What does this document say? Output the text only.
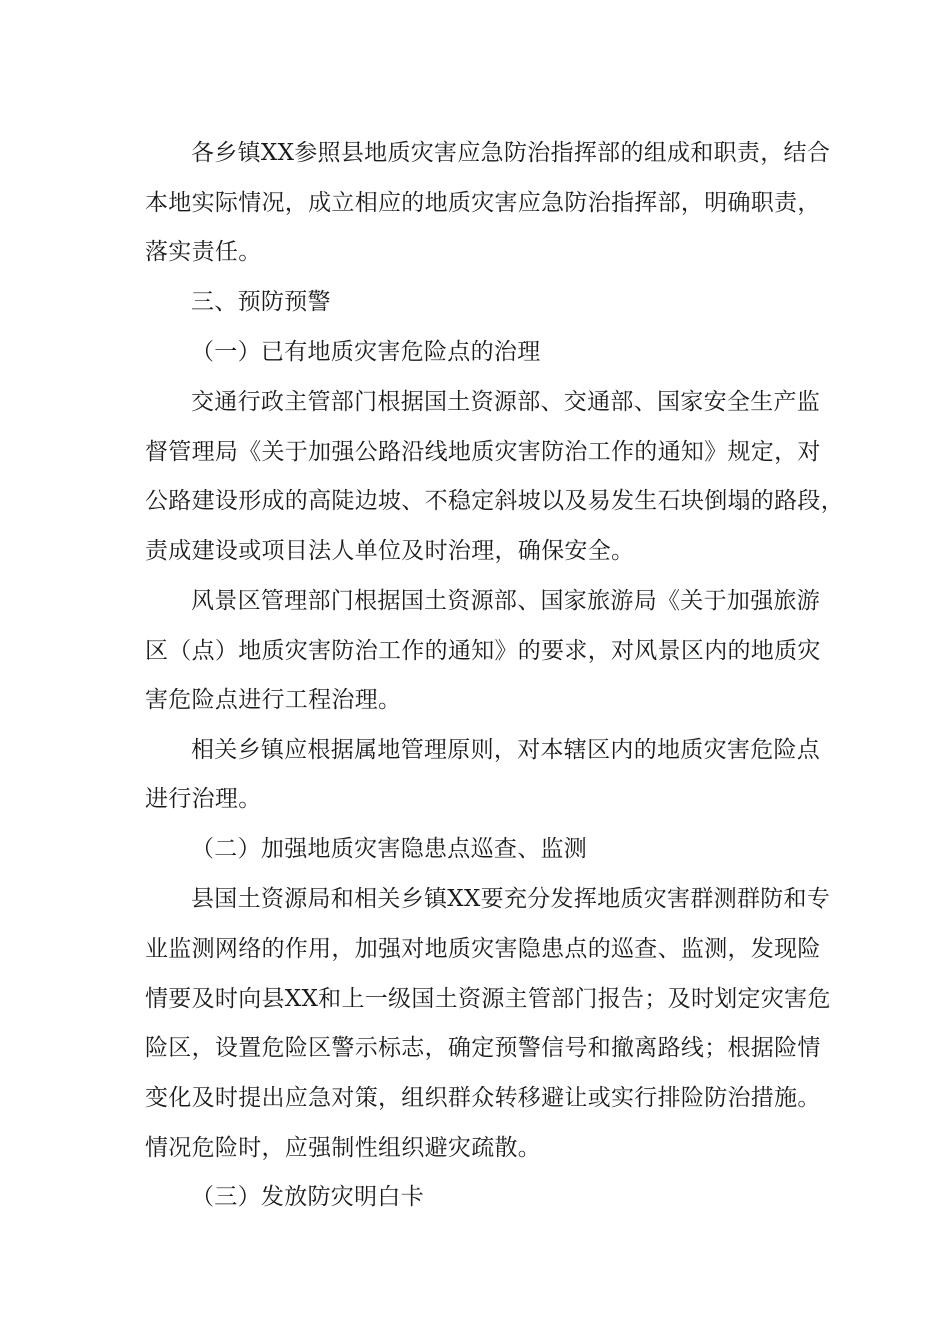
各乡镇XX参照县地质灾害应急防治指挥部的组成和职责，结合
本地实际情况，成立相应的地质灾害应急防治指挥部，明确职责，
落实责任。
三、预防预警
（一）已有地质灾害危险点的治理
交通行政主管部门根据国土资源部、交通部、国家安全生产监
督管理局《关于加强公路沿线地质灾害防治工作的通知》规定，对
公路建设形成的高陡边坡、不稳定斜坡以及易发生石块倒塌的路段，
责成建设或项目法人单位及时治理，确保安全。
风景区管理部门根据国土资源部、国家旅游局《关于加强旅游
区（点）地质灾害防治工作的通知》的要求，对风景区内的地质灾
害危险点进行工程治理。
相关乡镇应根据属地管理原则，对本辖区内的地质灾害危险点
进行治理。
（二）加强地质灾害隐患点巡查、监测
县国土资源局和相关乡镇XX要充分发挥地质灾害群测群防和专
业监测网络的作用，加强对地质灾害隐患点的巡查、监测，发现险
情要及时向县XX和上一级国土资源主管部门报告；及时划定灾害危
险区，设置危险区警示标志，确定预警信号和撤离路线；根据险情
变化及时提出应急对策，组织群众转移避让或实行排险防治措施。
情况危险时，应强制性组织避灾疏散。
（三）发放防灾明白卡
